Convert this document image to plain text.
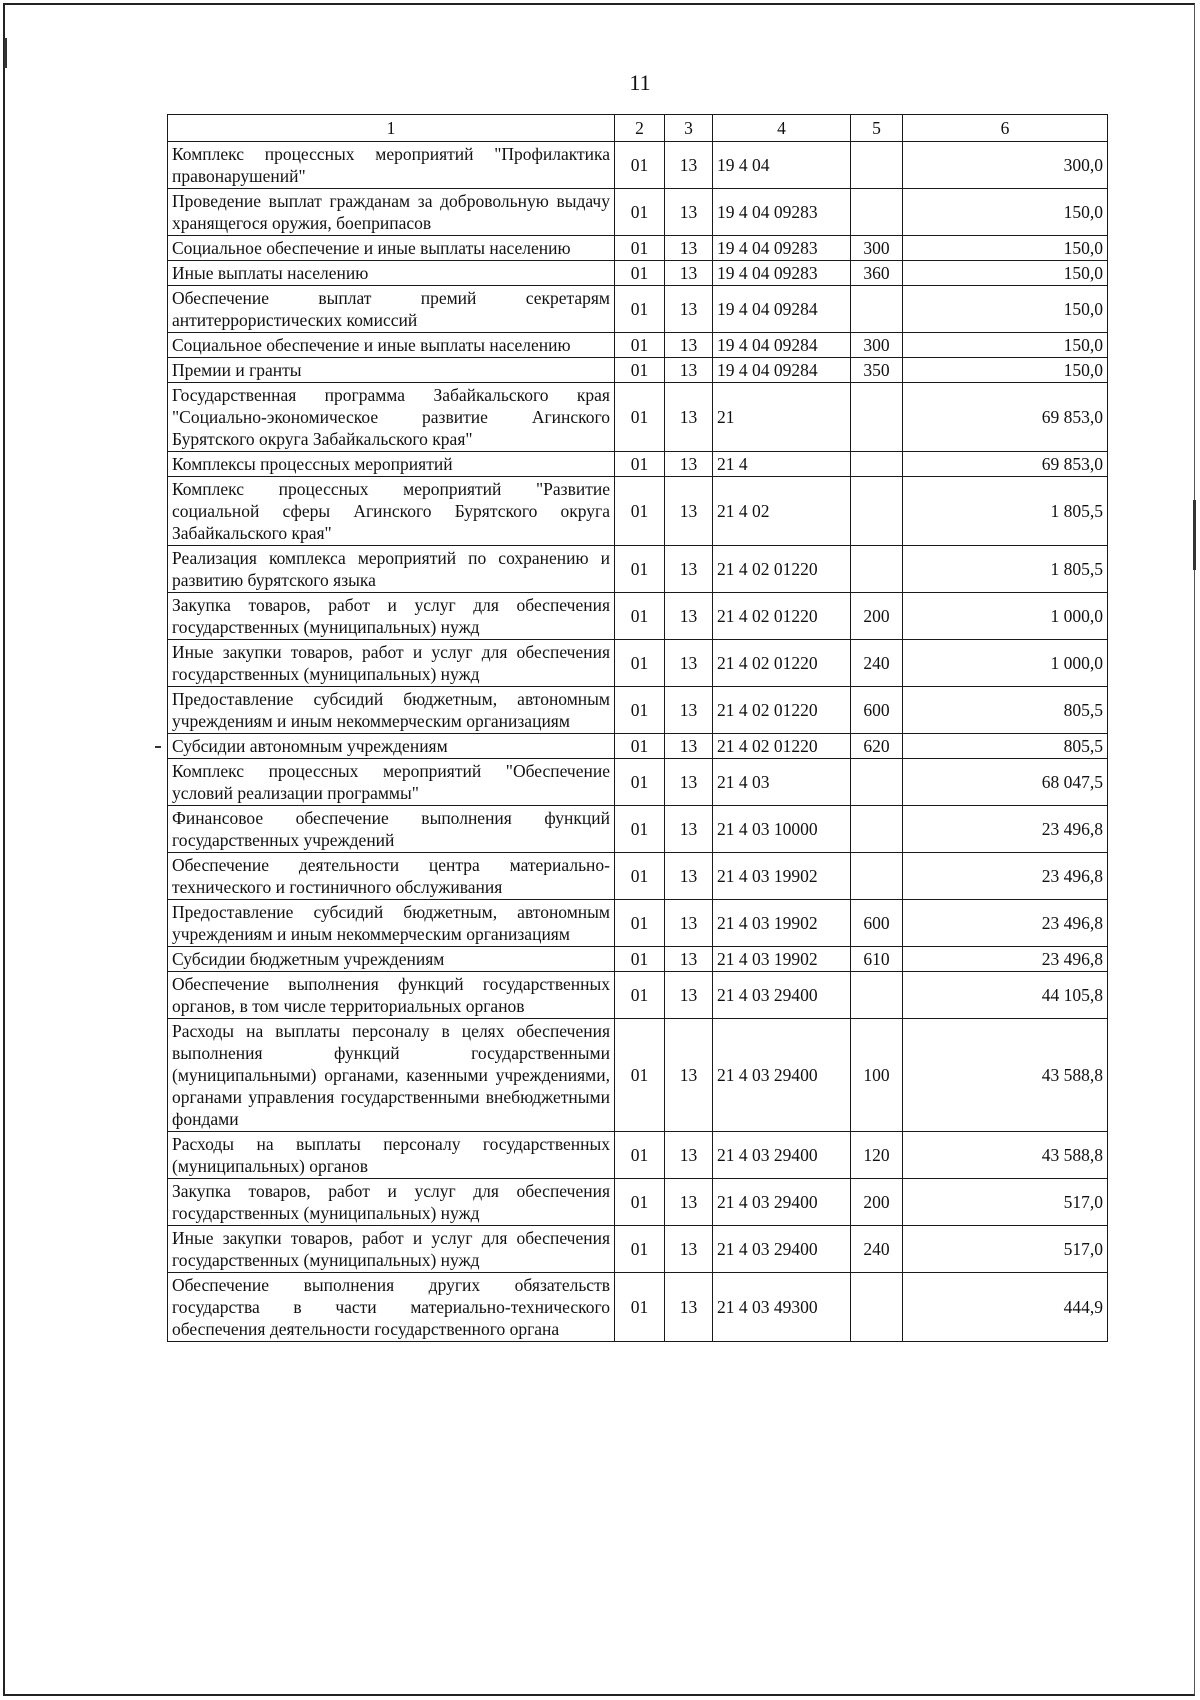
11
1	2	3	4	5	6
Комплекс процессных мероприятий "Профилактика правонарушений"	01	13	19 4 04		300,0
Проведение выплат гражданам за добровольную выдачу хранящегося оружия, боеприпасов	01	13	19 4 04 09283		150,0
Социальное обеспечение и иные выплаты населению	01	13	19 4 04 09283	300	150,0
Иные выплаты населению	01	13	19 4 04 09283	360	150,0
Обеспечение выплат премий секретарям антитеррористических комиссий	01	13	19 4 04 09284		150,0
Социальное обеспечение и иные выплаты населению	01	13	19 4 04 09284	300	150,0
Премии и гранты	01	13	19 4 04 09284	350	150,0
Государственная программа Забайкальского края "Социально-экономическое развитие Агинского Бурятского округа Забайкальского края"	01	13	21		69 853,0
Комплексы процессных мероприятий	01	13	21 4		69 853,0
Комплекс процессных мероприятий "Развитие социальной сферы Агинского Бурятского округа Забайкальского края"	01	13	21 4 02		1 805,5
Реализация комплекса мероприятий по сохранению и развитию бурятского языка	01	13	21 4 02 01220		1 805,5
Закупка товаров, работ и услуг для обеспечения государственных (муниципальных) нужд	01	13	21 4 02 01220	200	1 000,0
Иные закупки товаров, работ и услуг для обеспечения государственных (муниципальных) нужд	01	13	21 4 02 01220	240	1 000,0
Предоставление субсидий бюджетным, автономным учреждениям и иным некоммерческим организациям	01	13	21 4 02 01220	600	805,5
Субсидии автономным учреждениям	01	13	21 4 02 01220	620	805,5
Комплекс процессных мероприятий "Обеспечение условий реализации программы"	01	13	21 4 03		68 047,5
Финансовое обеспечение выполнения функций государственных учреждений	01	13	21 4 03 10000		23 496,8
Обеспечение деятельности центра материально-технического и гостиничного обслуживания	01	13	21 4 03 19902		23 496,8
Предоставление субсидий бюджетным, автономным учреждениям и иным некоммерческим организациям	01	13	21 4 03 19902	600	23 496,8
Субсидии бюджетным учреждениям	01	13	21 4 03 19902	610	23 496,8
Обеспечение выполнения функций государственных органов, в том числе территориальных органов	01	13	21 4 03 29400		44 105,8
Расходы на выплаты персоналу в целях обеспечения выполнения функций государственными (муниципальными) органами, казенными учреждениями, органами управления государственными внебюджетными фондами	01	13	21 4 03 29400	100	43 588,8
Расходы на выплаты персоналу государственных (муниципальных) органов	01	13	21 4 03 29400	120	43 588,8
Закупка товаров, работ и услуг для обеспечения государственных (муниципальных) нужд	01	13	21 4 03 29400	200	517,0
Иные закупки товаров, работ и услуг для обеспечения государственных (муниципальных) нужд	01	13	21 4 03 29400	240	517,0
Обеспечение выполнения других обязательств государства в части материально-технического обеспечения деятельности государственного органа	01	13	21 4 03 49300		444,9
